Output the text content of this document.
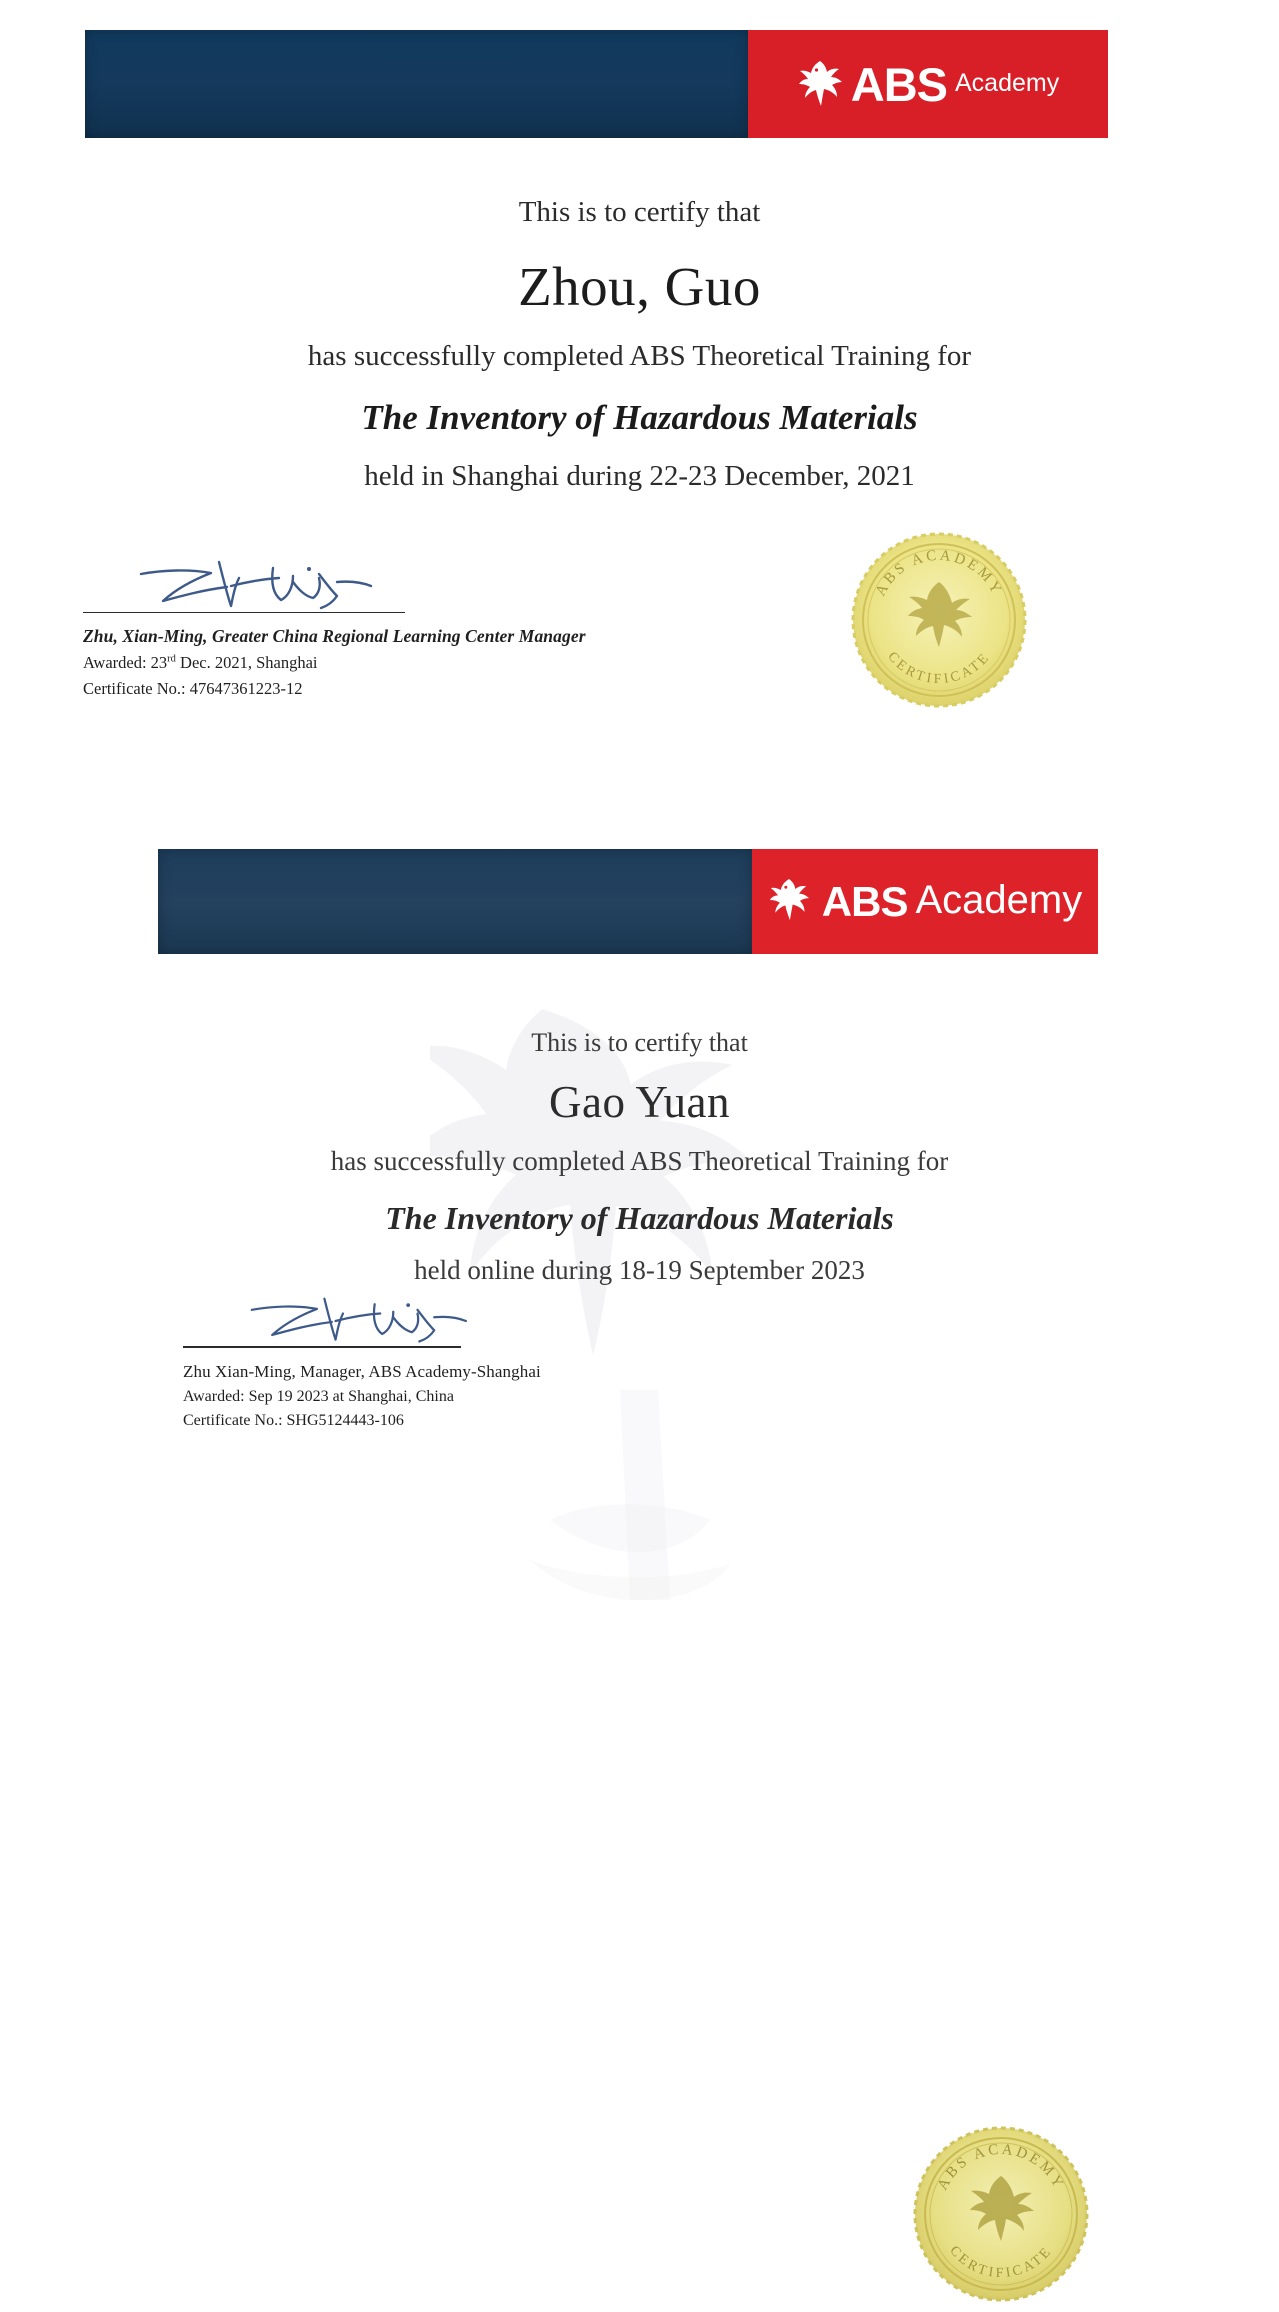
ABS Academy
This is to certify that
Zhou, Guo
has successfully completed ABS Theoretical Training for
The Inventory of Hazardous Materials
held in Shanghai during 22-23 December, 2021
Zhu, Xian-Ming, Greater China Regional Learning Center Manager
Awarded: 23rd Dec. 2021, Shanghai
Certificate No.: 47647361223-12
ABS ACADEMY
CERTIFICATE
ABS Academy
This is to certify that
Gao Yuan
has successfully completed ABS Theoretical Training for
The Inventory of Hazardous Materials
held online during 18-19 September 2023
Zhu Xian-Ming, Manager, ABS Academy-Shanghai
Awarded: Sep 19 2023 at Shanghai, China
Certificate No.: SHG5124443-106
ABS ACADEMY
CERTIFICATE
